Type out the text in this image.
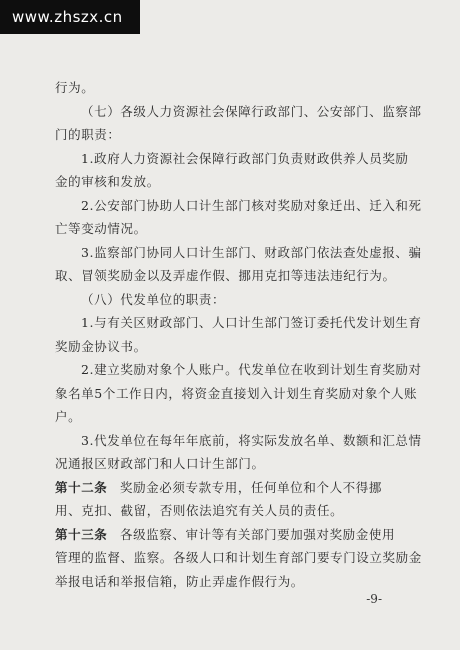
www.zhszx.cn
行为。
（七）各级人力资源社会保障行政部门、公安部门、监察部
门的职责：
1.政府人力资源社会保障行政部门负责财政供养人员奖励
金的审核和发放。
2.公安部门协助人口计生部门核对奖励对象迁出、迁入和死
亡等变动情况。
3.监察部门协同人口计生部门、财政部门依法查处虚报、骗
取、冒领奖励金以及弄虚作假、挪用克扣等违法违纪行为。
（八）代发单位的职责：
1.与有关区财政部门、人口计生部门签订委托代发计划生育
奖励金协议书。
2.建立奖励对象个人账户。代发单位在收到计划生育奖励对
象名单5个工作日内，将资金直接划入计划生育奖励对象个人账
户。
3.代发单位在每年年底前，将实际发放名单、数额和汇总情
况通报区财政部门和人口计生部门。
第十二条 奖励金必须专款专用，任何单位和个人不得挪
用、克扣、截留，否则依法追究有关人员的责任。
第十三条 各级监察、审计等有关部门要加强对奖励金使用
管理的监督、监察。各级人口和计划生育部门要专门设立奖励金
举报电话和举报信箱，防止弄虚作假行为。
-9-
